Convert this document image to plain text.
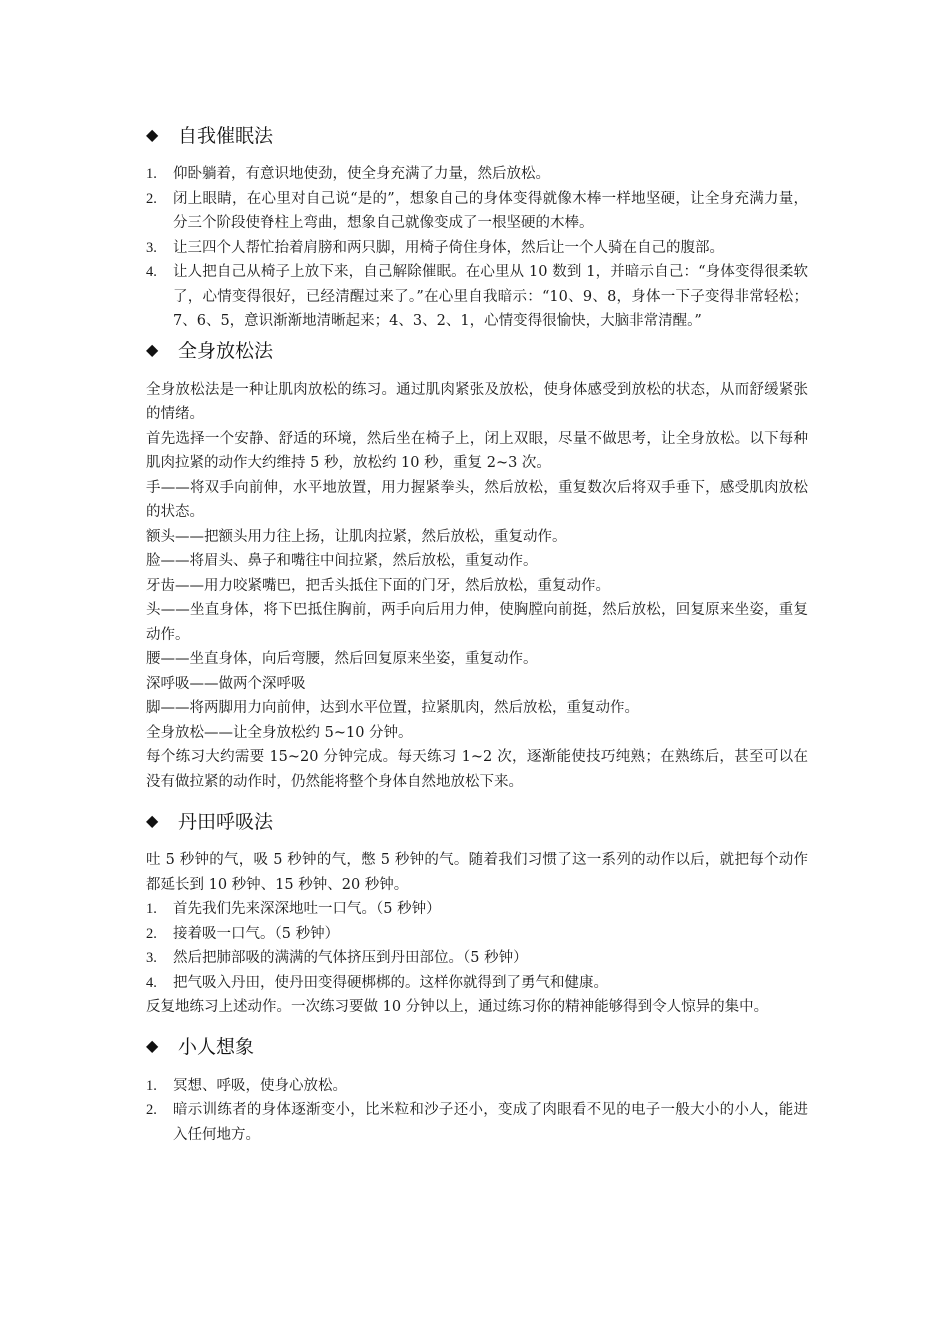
◆	自我催眠法
1.	仰卧躺着，有意识地使劲，使全身充满了力量，然后放松。
2.	闭上眼睛，在心里对自己说“是的”，想象自己的身体变得就像木棒一样地坚硬，让全身充满力量，分三个阶段使脊柱上弯曲，想象自己就像变成了一根坚硬的木棒。
3.	让三四个人帮忙抬着肩膀和两只脚，用椅子倚住身体，然后让一个人骑在自己的腹部。
4.	让人把自己从椅子上放下来，自己解除催眠。在心里从 10 数到 1，并暗示自己：“身体变得很柔软了，心情变得很好，已经清醒过来了。”在心里自我暗示：“10、9、8，身体一下子变得非常轻松；7、6、5，意识渐渐地清晰起来；4、3、2、1，心情变得很愉快，大脑非常清醒。”
◆	全身放松法

全身放松法是一种让肌肉放松的练习。通过肌肉紧张及放松，使身体感受到放松的状态，从而舒缓紧张的情绪。

首先选择一个安静、舒适的环境，然后坐在椅子上，闭上双眼，尽量不做思考，让全身放松。以下每种肌肉拉紧的动作大约维持 5 秒，放松约 10 秒，重复 2~3 次。

手——将双手向前伸，水平地放置，用力握紧拳头，然后放松，重复数次后将双手垂下，感受肌肉放松的状态。

额头——把额头用力往上扬，让肌肉拉紧，然后放松，重复动作。

脸——将眉头、鼻子和嘴往中间拉紧，然后放松，重复动作。

牙齿——用力咬紧嘴巴，把舌头抵住下面的门牙，然后放松，重复动作。

头——坐直身体，将下巴抵住胸前，两手向后用力伸，使胸膛向前挺，然后放松，回复原来坐姿，重复动作。

腰——坐直身体，向后弯腰，然后回复原来坐姿，重复动作。

深呼吸——做两个深呼吸

脚——将两脚用力向前伸，达到水平位置，拉紧肌肉，然后放松，重复动作。

全身放松——让全身放松约 5~10 分钟。

每个练习大约需要 15~20 分钟完成。每天练习 1~2 次，逐渐能使技巧纯熟；在熟练后，甚至可以在没有做拉紧的动作时，仍然能将整个身体自然地放松下来。

◆	丹田呼吸法

吐 5 秒钟的气，吸 5 秒钟的气，憋 5 秒钟的气。随着我们习惯了这一系列的动作以后，就把每个动作都延长到 10 秒钟、15 秒钟、20 秒钟。

1.	首先我们先来深深地吐一口气。（5 秒钟）
2.	接着吸一口气。（5 秒钟）
3.	然后把肺部吸的满满的气体挤压到丹田部位。（5 秒钟）
4.	把气吸入丹田，使丹田变得硬梆梆的。这样你就得到了勇气和健康。

反复地练习上述动作。一次练习要做 10 分钟以上，通过练习你的精神能够得到令人惊异的集中。

◆	小人想象
1.	冥想、呼吸，使身心放松。
2.	暗示训练者的身体逐渐变小，比米粒和沙子还小，变成了肉眼看不见的电子一般大小的小人，能进入任何地方。
